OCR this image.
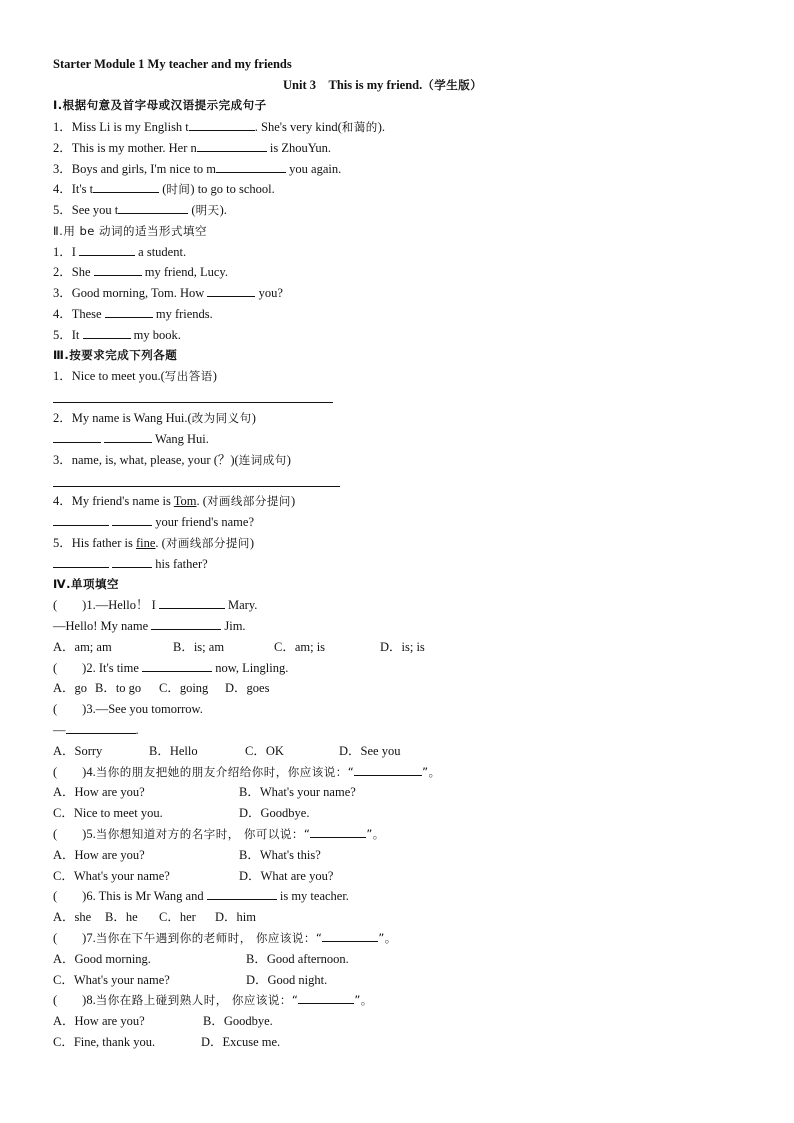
Starter Module 1 My teacher and my friends
Unit 3　This is my friend.（学生版）
Ⅰ.根据句意及首字母或汉语提示完成句子
1．Miss Li is my English t	. She's very kind(和蔼的).
2．This is my mother. Her n	is ZhouYun.
3．Boys and girls, I'm nice to m	you again.
4．It's t	(时间) to go to school.
5．See you t	(明天).
Ⅱ.用 be 动词的适当形式填空
1．I	a student.
2．She	my friend, Lucy.
3．Good morning, Tom. How	you?
4．These	my friends.
5．It	my book.
Ⅲ.按要求完成下列各题
1．Nice to meet you.(写出答语)
2．My name is Wang Hui.(改为同义句)
Wang Hui.
3．name, is, what, please, your (？)(连词成句)
4．My friend's name is Tom. (对画线部分提问)
your friend's name?
5．His father is fine. (对画线部分提问)
his father?
Ⅳ.单项填空
(　　)1.—Hello！ I	Mary.
—Hello! My name	Jim.
A．am; am	B．is; am	C．am; is	D．is; is
(　　)2. It's time	now, Lingling.
A．go B．to go C．going D．goes
(　　)3.—See you tomorrow.
—	.
A．Sorry	B．Hello	C．OK	D．See you
(　　)4.当你的朋友把她的朋友介绍给你时，你应该说：“	”。
A．How are you?	B．What's your name?
C．Nice to meet you.	D．Goodbye.
(　　)5.当你想知道对方的名字时， 你可以说：“	”。
A．How are you?	B．What's this?
C．What's your name?	D．What are you?
(　　)6. This is Mr Wang and	is my teacher.
A．she B．he C．her D．him
(　　)7.当你在下午遇到你的老师时， 你应该说：“	”。
A．Good morning.	B．Good afternoon.
C．What's your name?	D．Good night.
(　　)8.当你在路上碰到熟人时， 你应该说：“	”。
A．How are you?	B．Goodbye.
C．Fine, thank you.	D．Excuse me.
